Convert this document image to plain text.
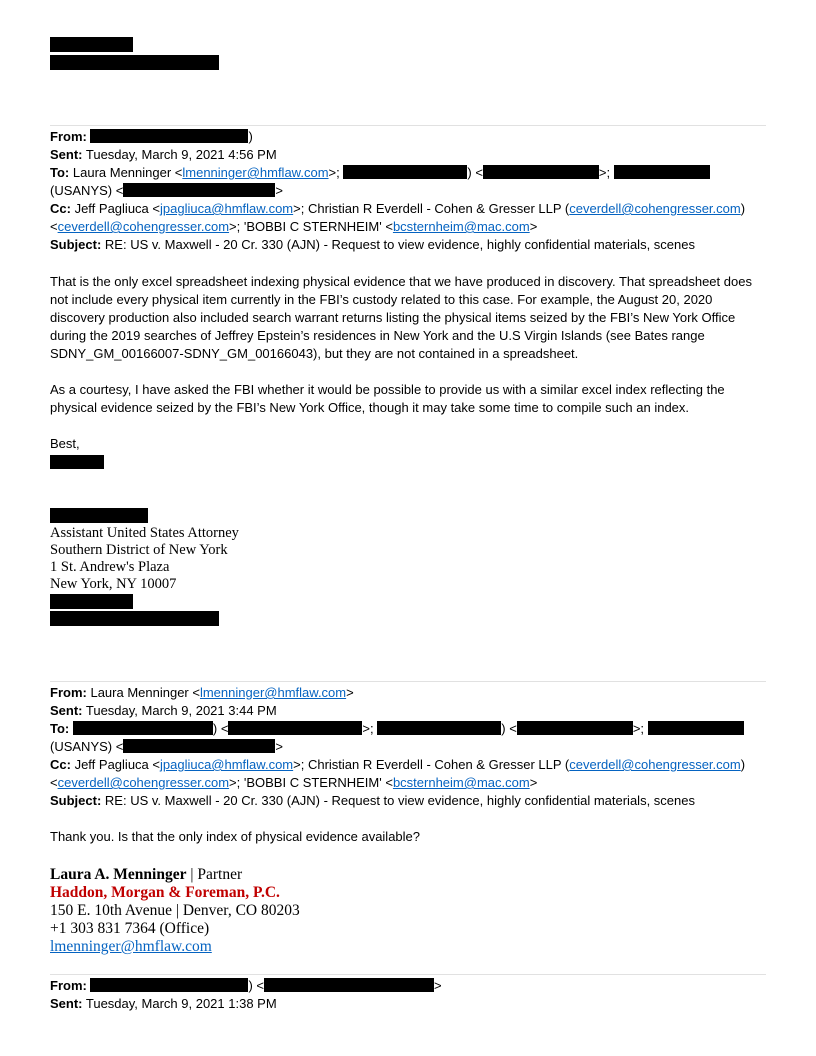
From:	)
Sent: Tuesday, March 9, 2021 4:56 PM
To: Laura Menninger <lmenninger@hmflaw.com>;	) <	>;
(USANYS) <	>
Cc: Jeff Pagliuca <jpagliuca@hmflaw.com>; Christian R Everdell - Cohen & Gresser LLP (ceverdell@cohengresser.com)
<ceverdell@cohengresser.com>; 'BOBBI C STERNHEIM' <bcsternheim@mac.com>
Subject: RE: US v. Maxwell - 20 Cr. 330 (AJN) - Request to view evidence, highly confidential materials, scenes
That is the only excel spreadsheet indexing physical evidence that we have produced in discovery. That spreadsheet does not include every physical item currently in the FBI’s custody related to this case. For example, the August 20, 2020 discovery production also included search warrant returns listing the physical items seized by the FBI’s New York Office during the 2019 searches of Jeffrey Epstein’s residences in New York and the U.S Virgin Islands (see Bates range SDNY_GM_00166007-SDNY_GM_00166043), but they are not contained in a spreadsheet.
As a courtesy, I have asked the FBI whether it would be possible to provide us with a similar excel index reflecting the physical evidence seized by the FBI’s New York Office, though it may take some time to compile such an index.
Best,
Assistant United States Attorney
Southern District of New York
1 St. Andrew's Plaza
New York, NY 10007
From: Laura Menninger <lmenninger@hmflaw.com>
Sent: Tuesday, March 9, 2021 3:44 PM
To:	) <	>;	) <	>;
(USANYS) <	>
Cc: Jeff Pagliuca <jpagliuca@hmflaw.com>; Christian R Everdell - Cohen & Gresser LLP (ceverdell@cohengresser.com)
<ceverdell@cohengresser.com>; 'BOBBI C STERNHEIM' <bcsternheim@mac.com>
Subject: RE: US v. Maxwell - 20 Cr. 330 (AJN) - Request to view evidence, highly confidential materials, scenes
Thank you. Is that the only index of physical evidence available?
Laura A. Menninger | Partner
Haddon, Morgan & Foreman, P.C.
150 E. 10th Avenue | Denver, CO 80203
+1 303 831 7364 (Office)
lmenninger@hmflaw.com
From:	) <	>
Sent: Tuesday, March 9, 2021 1:38 PM
